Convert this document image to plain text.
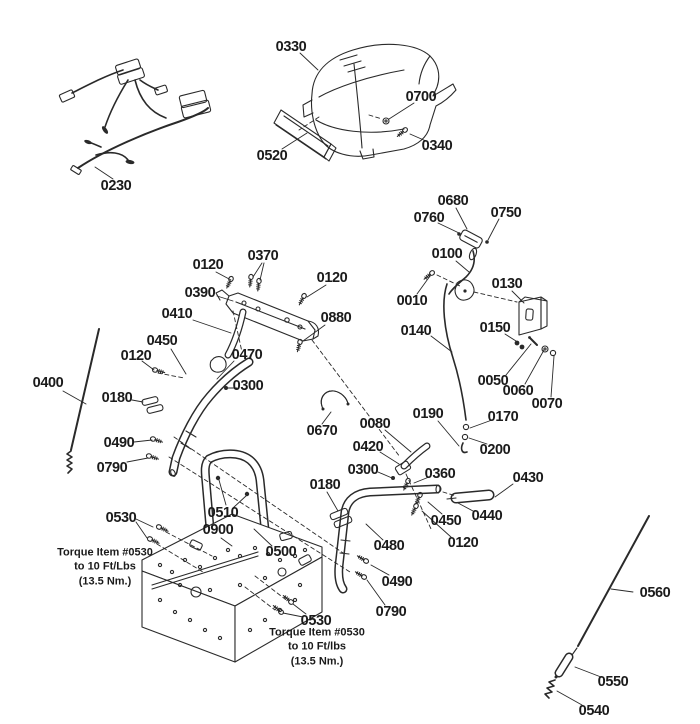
0230
0330
0700
0340
0520
0680
0760	0750
0100
0010
0130
0120
0370
0390
0120
0410	0880
0450
0120	0470
0400	0300
0180
0140	0150
0050
0060
0070
0670 0080
0190	0170
0200
0420
0490
0790	0300	0360
0180	0430
0440
0450
0120
0530	0510
0900
0500	0480
0490
0790
0530
0560
0550
0540
Torque Item #0530
to 10 Ft/Lbs
(13.5 Nm.)
Torque Item #0530
to 10 Ft/lbs
(13.5 Nm.)
